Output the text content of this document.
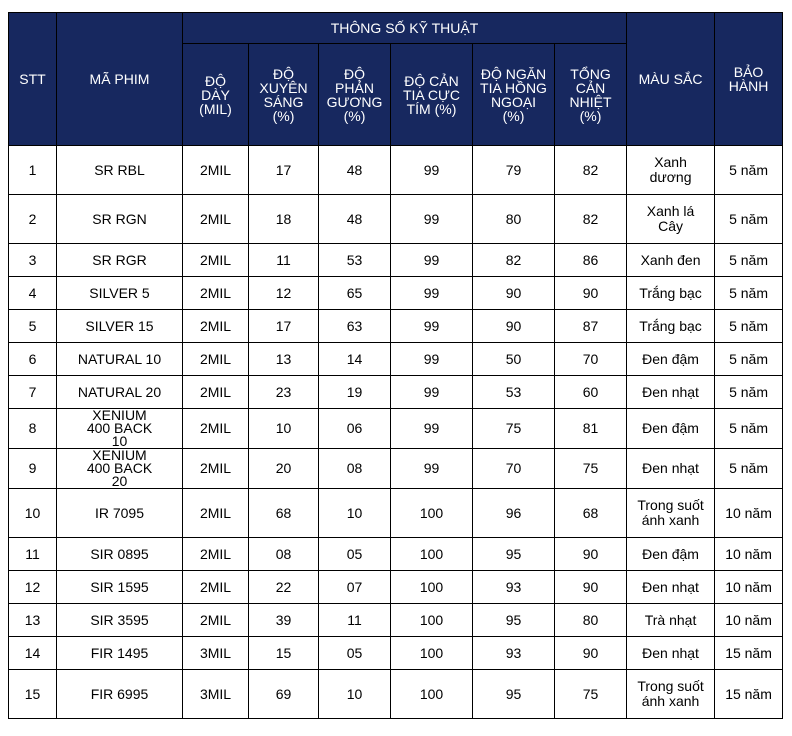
STT	MÃ PHIM	THÔNG SỐ KỸ THUẬT						MÀU SẮC	BẢO HÀNH
		ĐỘ DÀY (MIL)	ĐỘ XUYÊN SÁNG (%)	ĐỘ PHẢN GƯƠNG (%)	ĐỘ CẢN TIA CỰC TÍM (%)	ĐỘ NGĂN TIA HỒNG NGOẠI (%)	TỔNG CẢN NHIỆT (%)		
1	SR RBL	2MIL	17	48	99	79	82	Xanh dương	5 năm
2	SR RGN	2MIL	18	48	99	80	82	Xanh lá Cây	5 năm
3	SR RGR	2MIL	11	53	99	82	86	Xanh đen	5 năm
4	SILVER 5	2MIL	12	65	99	90	90	Trắng bạc	5 năm
5	SILVER 15	2MIL	17	63	99	90	87	Trắng bạc	5 năm
6	NATURAL 10	2MIL	13	14	99	50	70	Đen đậm	5 năm
7	NATURAL 20	2MIL	23	19	99	53	60	Đen nhạt	5 năm
8	XENIUM 400 BACK 10	2MIL	10	06	99	75	81	Đen đậm	5 năm
9	XENIUM 400 BACK 20	2MIL	20	08	99	70	75	Đen nhạt	5 năm
10	IR 7095	2MIL	68	10	100	96	68	Trong suốt ánh xanh	10 năm
11	SIR 0895	2MIL	08	05	100	95	90	Đen đậm	10 năm
12	SIR 1595	2MIL	22	07	100	93	90	Đen nhạt	10 năm
13	SIR 3595	2MIL	39	11	100	95	80	Trà nhạt	10 năm
14	FIR 1495	3MIL	15	05	100	93	90	Đen nhạt	15 năm
15	FIR 6995	3MIL	69	10	100	95	75	Trong suốt ánh xanh	15 năm
